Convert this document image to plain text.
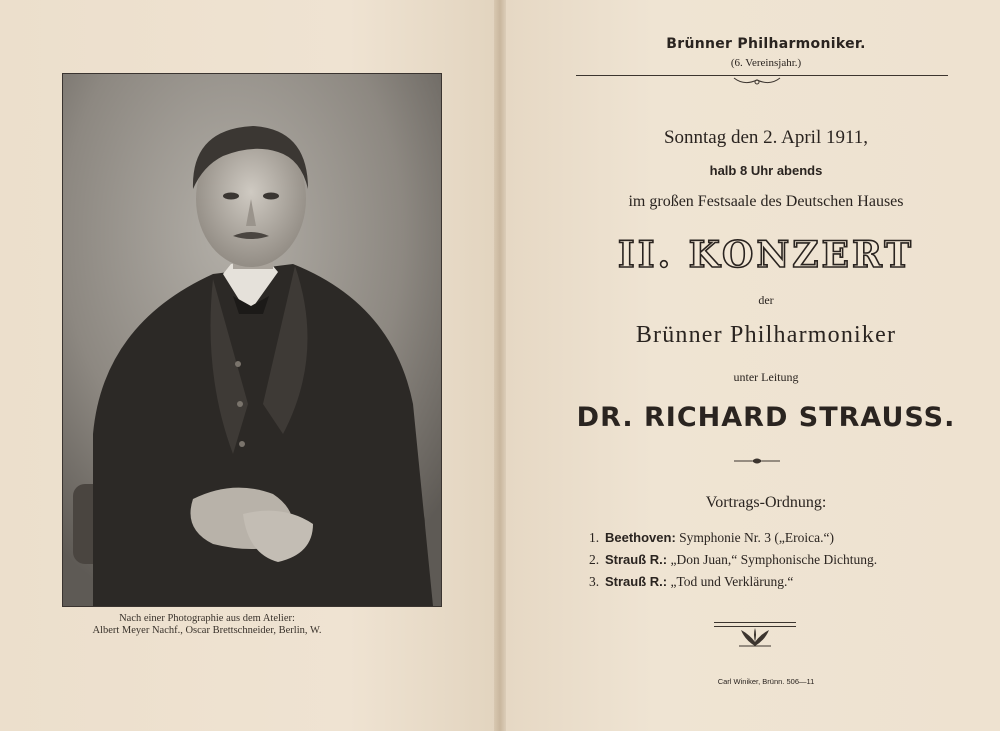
Nach einer Photographie aus dem Atelier:
Albert Meyer Nachf., Oscar Brettschneider, Berlin, W.
Brünner Philharmoniker.
(6. Vereinsjahr.)
Sonntag den 2. April 1911,
halb 8 Uhr abends
im großen Festsaale des Deutschen Hauses
II. KONZERT
der
Brünner Philharmoniker
unter Leitung
DR. RICHARD STRAUSS.
Vortrags-Ordnung:
1. Beethoven: Symphonie Nr. 3 („Eroica.“)
2. Strauß R.: „Don Juan,“ Symphonische Dichtung.
3. Strauß R.: „Tod und Verklärung.“
Carl Winiker, Brünn. 506—11
